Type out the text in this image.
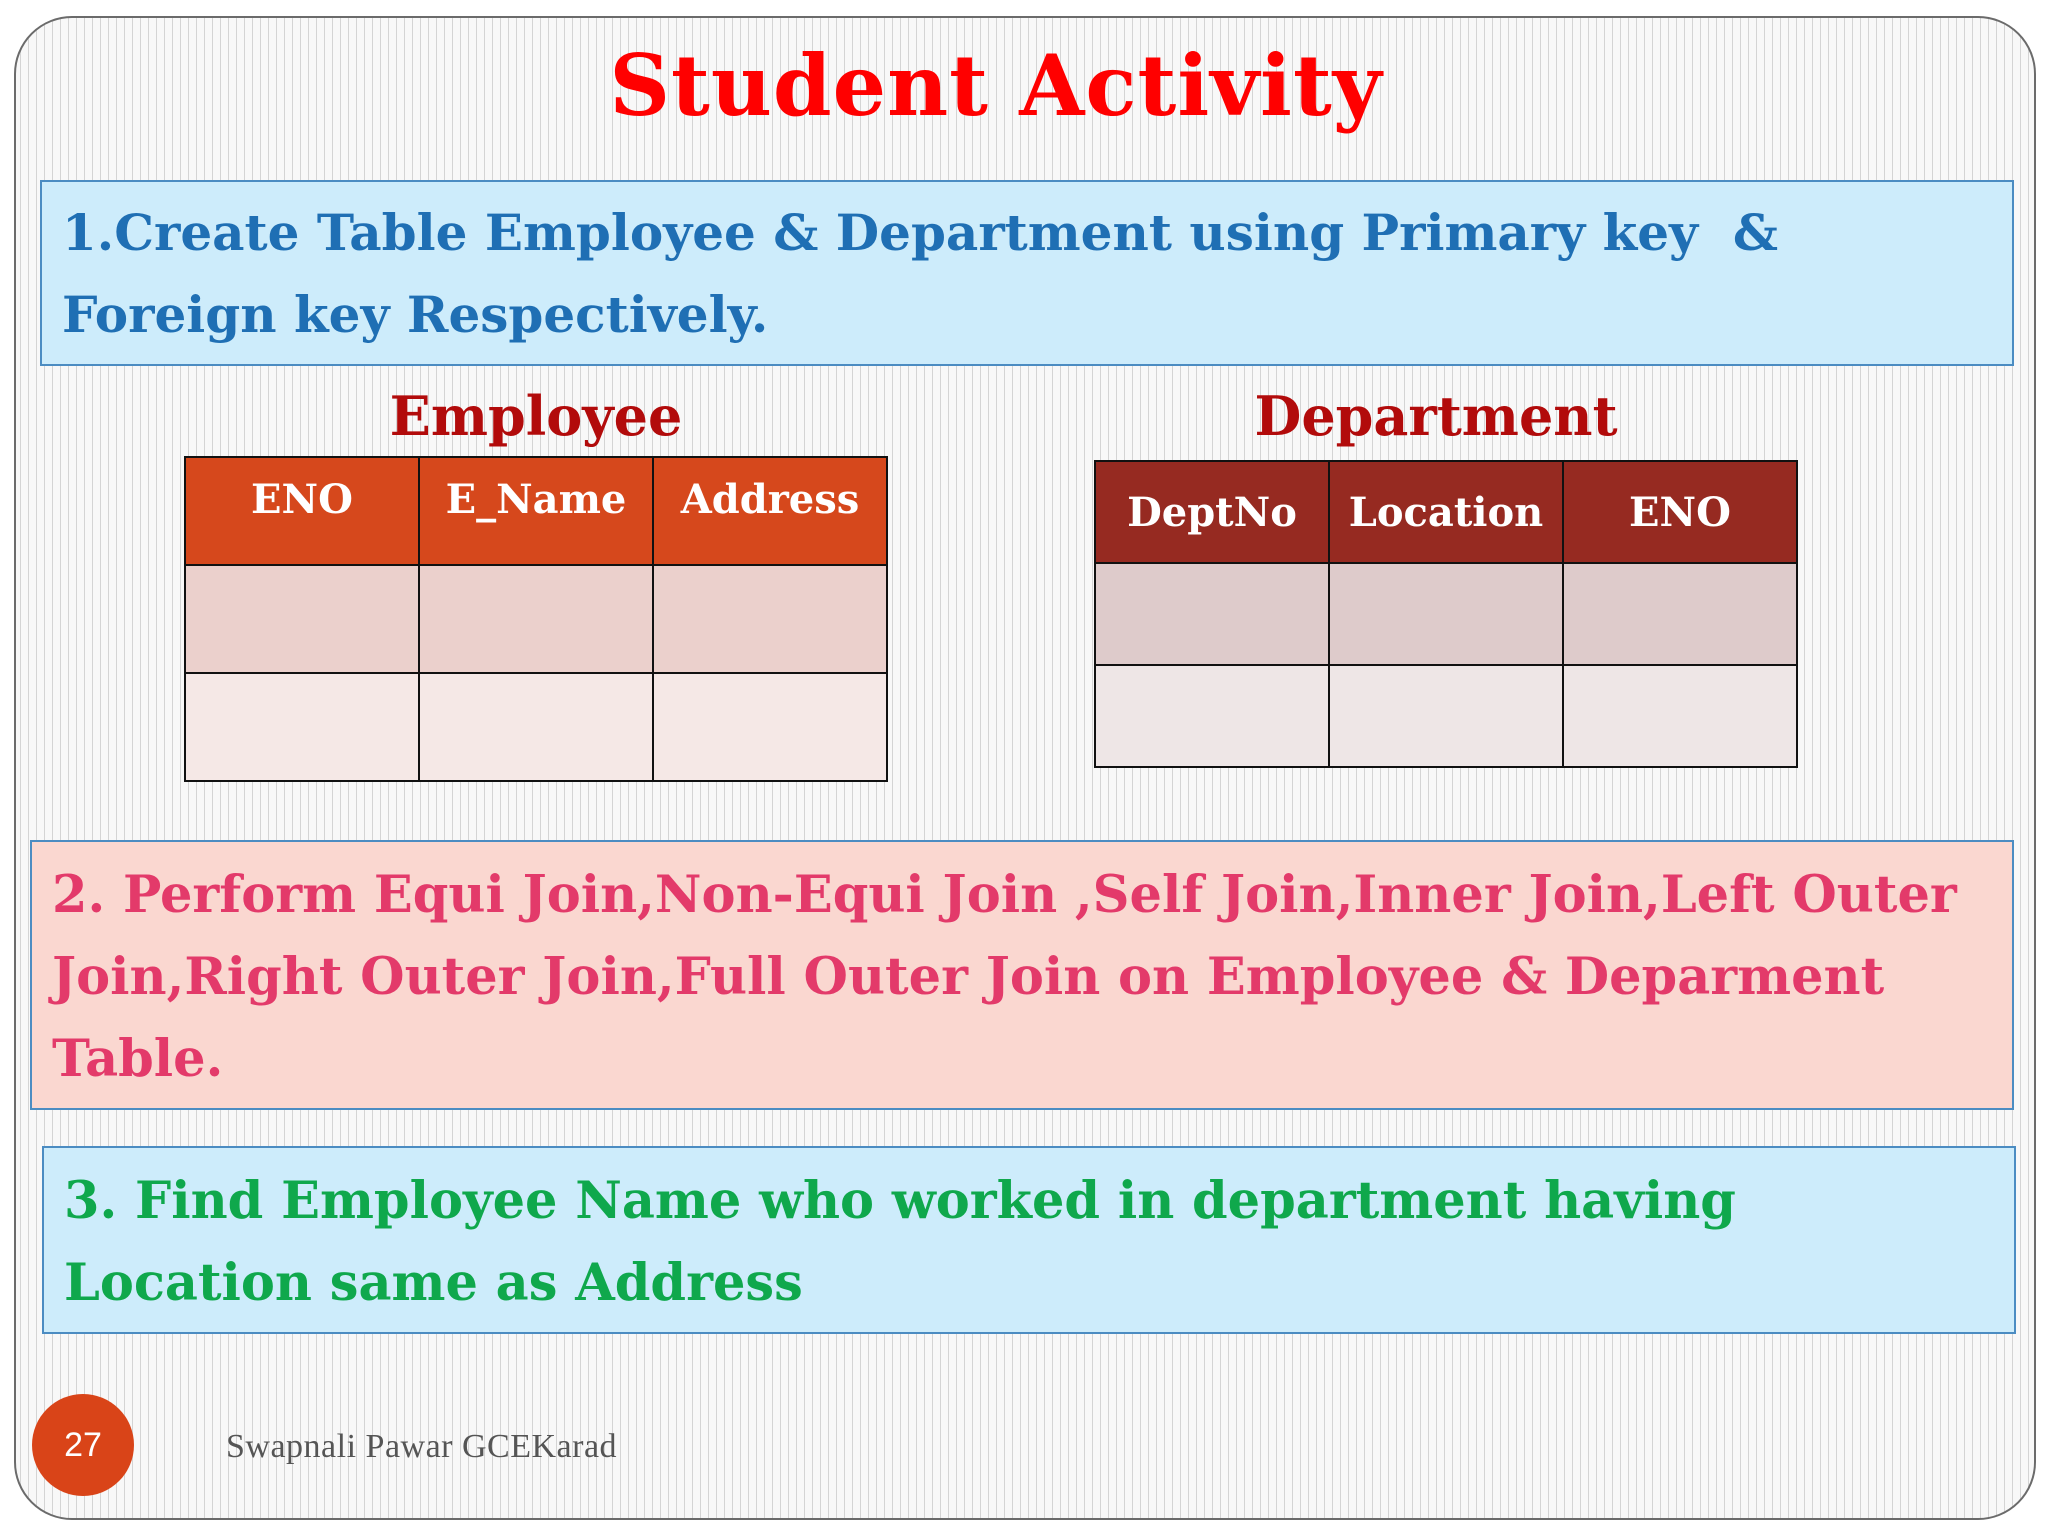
Student Activity
1.Create Table Employee & Department using Primary key  &
Foreign key Respectively.
Employee
ENO	E_Name	Address

Department
DeptNo	Location	ENO

2. Perform Equi Join,Non-Equi Join ,Self Join,Inner Join,Left Outer
Join,Right Outer Join,Full Outer Join on Employee & Deparment
Table.
3. Find Employee Name who worked in department having
Location same as Address
27	Swapnali Pawar GCEKarad
